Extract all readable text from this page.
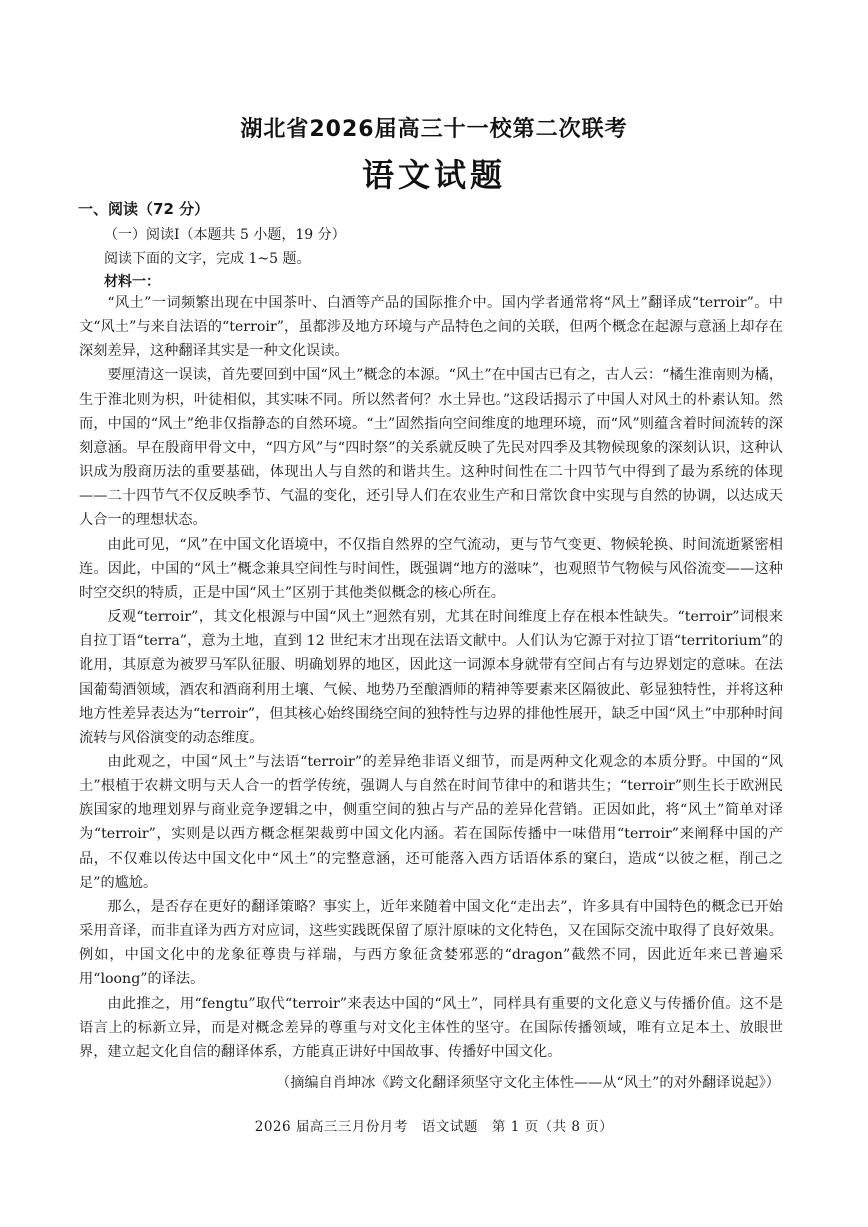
湖北省2026届高三十一校第二次联考
语文试题
一、阅读（72 分）
（一）阅读I（本题共 5 小题，19 分）
阅读下面的文字，完成 1~5 题。
材料一：

“风土”一词频繁出现在中国茶叶、白酒等产品的国际推介中。国内学者通常将“风土”翻译成“terroir”。中文“风土”与来自法语的“terroir”，虽都涉及地方环境与产品特色之间的关联，但两个概念在起源与意涵上却存在深刻差异，这种翻译其实是一种文化误读。

要厘清这一误读，首先要回到中国“风土”概念的本源。“风土”在中国古已有之，古人云：“橘生淮南则为橘，生于淮北则为枳，叶徒相似，其实味不同。所以然者何？水土异也。”这段话揭示了中国人对风土的朴素认知。然而，中国的“风土”绝非仅指静态的自然环境。“土”固然指向空间维度的地理环境，而“风”则蕴含着时间流转的深刻意涵。早在殷商甲骨文中，“四方风”与“四时祭”的关系就反映了先民对四季及其物候现象的深刻认识，这种认识成为殷商历法的重要基础，体现出人与自然的和谐共生。这种时间性在二十四节气中得到了最为系统的体现——二十四节气不仅反映季节、气温的变化，还引导人们在农业生产和日常饮食中实现与自然的协调，以达成天人合一的理想状态。

由此可见，“风”在中国文化语境中，不仅指自然界的空气流动，更与节气变更、物候轮换、时间流逝紧密相连。因此，中国的“风土”概念兼具空间性与时间性，既强调“地方的滋味”，也观照节气物候与风俗流变——这种时空交织的特质，正是中国“风土”区别于其他类似概念的核心所在。

反观“terroir”，其文化根源与中国“风土”迥然有别，尤其在时间维度上存在根本性缺失。“terroir”词根来自拉丁语“terra”，意为土地，直到 12 世纪末才出现在法语文献中。人们认为它源于对拉丁语“territorium”的讹用，其原意为被罗马军队征服、明确划界的地区，因此这一词源本身就带有空间占有与边界划定的意味。在法国葡萄酒领域，酒农和酒商利用土壤、气候、地势乃至酿酒师的精神等要素来区隔彼此、彰显独特性，并将这种地方性差异表达为“terroir”，但其核心始终围绕空间的独特性与边界的排他性展开，缺乏中国“风土”中那种时间流转与风俗演变的动态维度。

由此观之，中国“风土”与法语“terroir”的差异绝非语义细节，而是两种文化观念的本质分野。中国的“风土”根植于农耕文明与天人合一的哲学传统，强调人与自然在时间节律中的和谐共生；“terroir”则生长于欧洲民族国家的地理划界与商业竞争逻辑之中，侧重空间的独占与产品的差异化营销。正因如此，将“风土”简单对译为“terroir”，实则是以西方概念框架裁剪中国文化内涵。若在国际传播中一味借用“terroir”来阐释中国的产品，不仅难以传达中国文化中“风土”的完整意涵，还可能落入西方话语体系的窠臼，造成“以彼之框，削己之足”的尴尬。

那么，是否存在更好的翻译策略？事实上，近年来随着中国文化“走出去”，许多具有中国特色的概念已开始采用音译，而非直译为西方对应词，这些实践既保留了原汁原味的文化特色，又在国际交流中取得了良好效果。例如，中国文化中的龙象征尊贵与祥瑞，与西方象征贪婪邪恶的“dragon”截然不同，因此近年来已普遍采用“loong”的译法。

由此推之，用“fengtu”取代“terroir”来表达中国的“风土”，同样具有重要的文化意义与传播价值。这不是语言上的标新立异，而是对概念差异的尊重与对文化主体性的坚守。在国际传播领域，唯有立足本土、放眼世界，建立起文化自信的翻译体系，方能真正讲好中国故事、传播好中国文化。

（摘编自肖坤冰《跨文化翻译须坚守文化主体性——从“风土”的对外翻译说起》）
2026 届高三三月份月考　语文试题　第 1 页（共 8 页）
